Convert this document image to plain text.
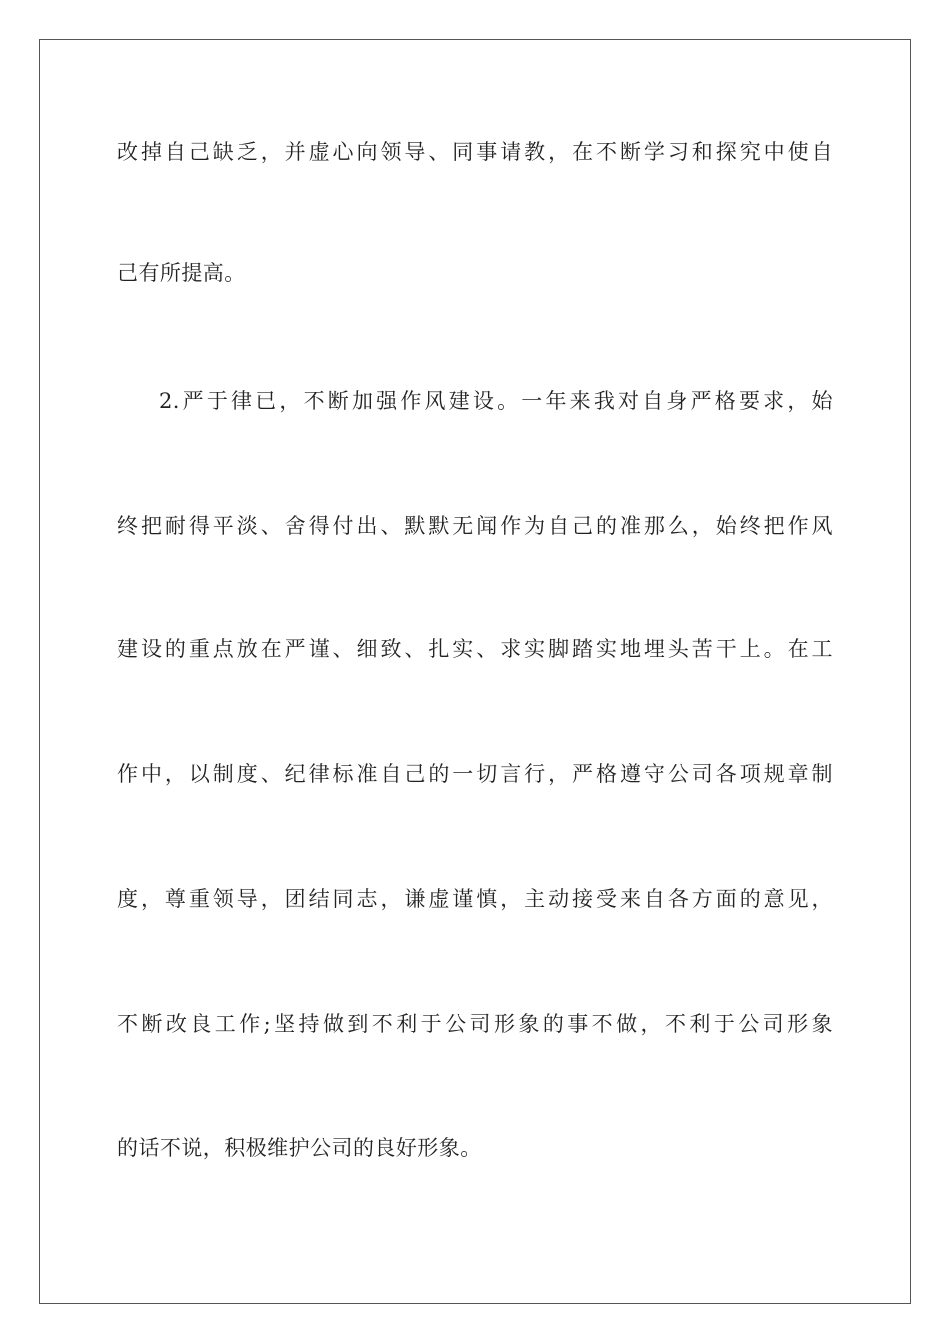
改掉自己缺乏，并虚心向领导、同事请教，在不断学习和探究中使自
己有所提高。
2.严于律已，不断加强作风建设。一年来我对自身严格要求，始
终把耐得平淡、舍得付出、默默无闻作为自己的准那么，始终把作风
建设的重点放在严谨、细致、扎实、求实脚踏实地埋头苦干上。在工
作中，以制度、纪律标准自己的一切言行，严格遵守公司各项规章制
度，尊重领导，团结同志，谦虚谨慎，主动接受来自各方面的意见，
不断改良工作;坚持做到不利于公司形象的事不做，不利于公司形象
的话不说，积极维护公司的良好形象。
